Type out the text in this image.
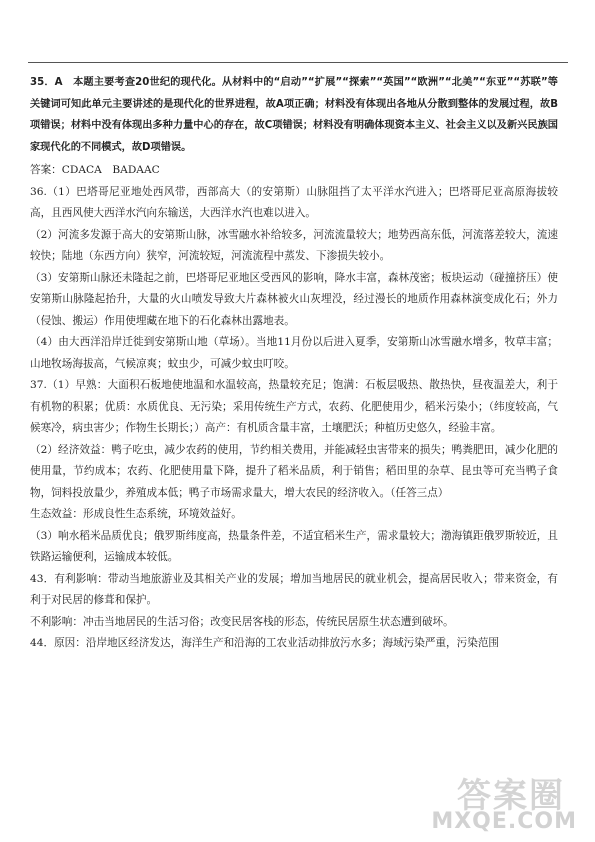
35．A　本题主要考查20世纪的现代化。从材料中的“启动”“扩展”“探索”“英国”“欧洲”“北美”“东亚”“苏联”等关键词可知此单元主要讲述的是现代化的世界进程，故A项正确；材料没有体现出各地从分散到整体的发展过程，故B项错误；材料中没有体现出多种力量中心的存在，故C项错误；材料没有明确体现资本主义、社会主义以及新兴民族国家现代化的不同模式，故D项错误。

答案：CDACA　BADAAC

36.（1）巴塔哥尼亚地处西风带，西部高大（的安第斯）山脉阻挡了太平洋水汽进入；巴塔哥尼亚高原海拔较高，且西风使大西洋水汽向东输送，大西洋水汽也难以进入。

（2）河流多发源于高大的安第斯山脉，冰雪融水补给较多，河流流量较大；地势西高东低，河流落差较大，流速较快；陆地（东西方向）狭窄，河流较短，河流流程中蒸发、下渗损失较小。

（3）安第斯山脉还未隆起之前，巴塔哥尼亚地区受西风的影响，降水丰富，森林茂密；板块运动（碰撞挤压）使安第斯山脉隆起抬升，大量的火山喷发导致大片森林被火山灰埋没，经过漫长的地质作用森林演变成化石；外力（侵蚀、搬运）作用使埋藏在地下的石化森林出露地表。

（4）由大西洋沿岸迁徙到安第斯山地（草场）。当地11月份以后进入夏季，安第斯山冰雪融水增多，牧草丰富；山地牧场海拔高，气候凉爽；蚊虫少，可减少蚊虫叮咬。

37.（1）早熟：大面积石板地使地温和水温较高，热量较充足；饱满：石板层吸热、散热快，昼夜温差大，利于有机物的积累；优质：水质优良、无污染；采用传统生产方式，农药、化肥使用少，稻米污染小；（纬度较高，气候寒冷，病虫害少；作物生长期长；）高产：有机质含量丰富，土壤肥沃；种植历史悠久，经验丰富。

（2）经济效益：鸭子吃虫，减少农药的使用，节约相关费用，并能减轻虫害带来的损失；鸭粪肥田，减少化肥的使用量，节约成本；农药、化肥使用量下降，提升了稻米品质，利于销售；稻田里的杂草、昆虫等可充当鸭子食物，饲料投放量少，养殖成本低；鸭子市场需求量大，增大农民的经济收入。（任答三点）

生态效益：形成良性生态系统，环境效益好。

（3）响水稻米品质优良；俄罗斯纬度高，热量条件差，不适宜稻米生产，需求量较大；渤海镇距俄罗斯较近，且铁路运输便利，运输成本较低。

43．有利影响：带动当地旅游业及其相关产业的发展；增加当地居民的就业机会，提高居民收入；带来资金，有利于对民居的修葺和保护。

不利影响：冲击当地居民的生活习俗；改变民居客栈的形态，传统民居原生状态遭到破坏。

44．原因：沿岸地区经济发达，海洋生产和沿海的工农业活动排放污水多；海域污染严重，污染范围

答案圈
MXQE.COM
